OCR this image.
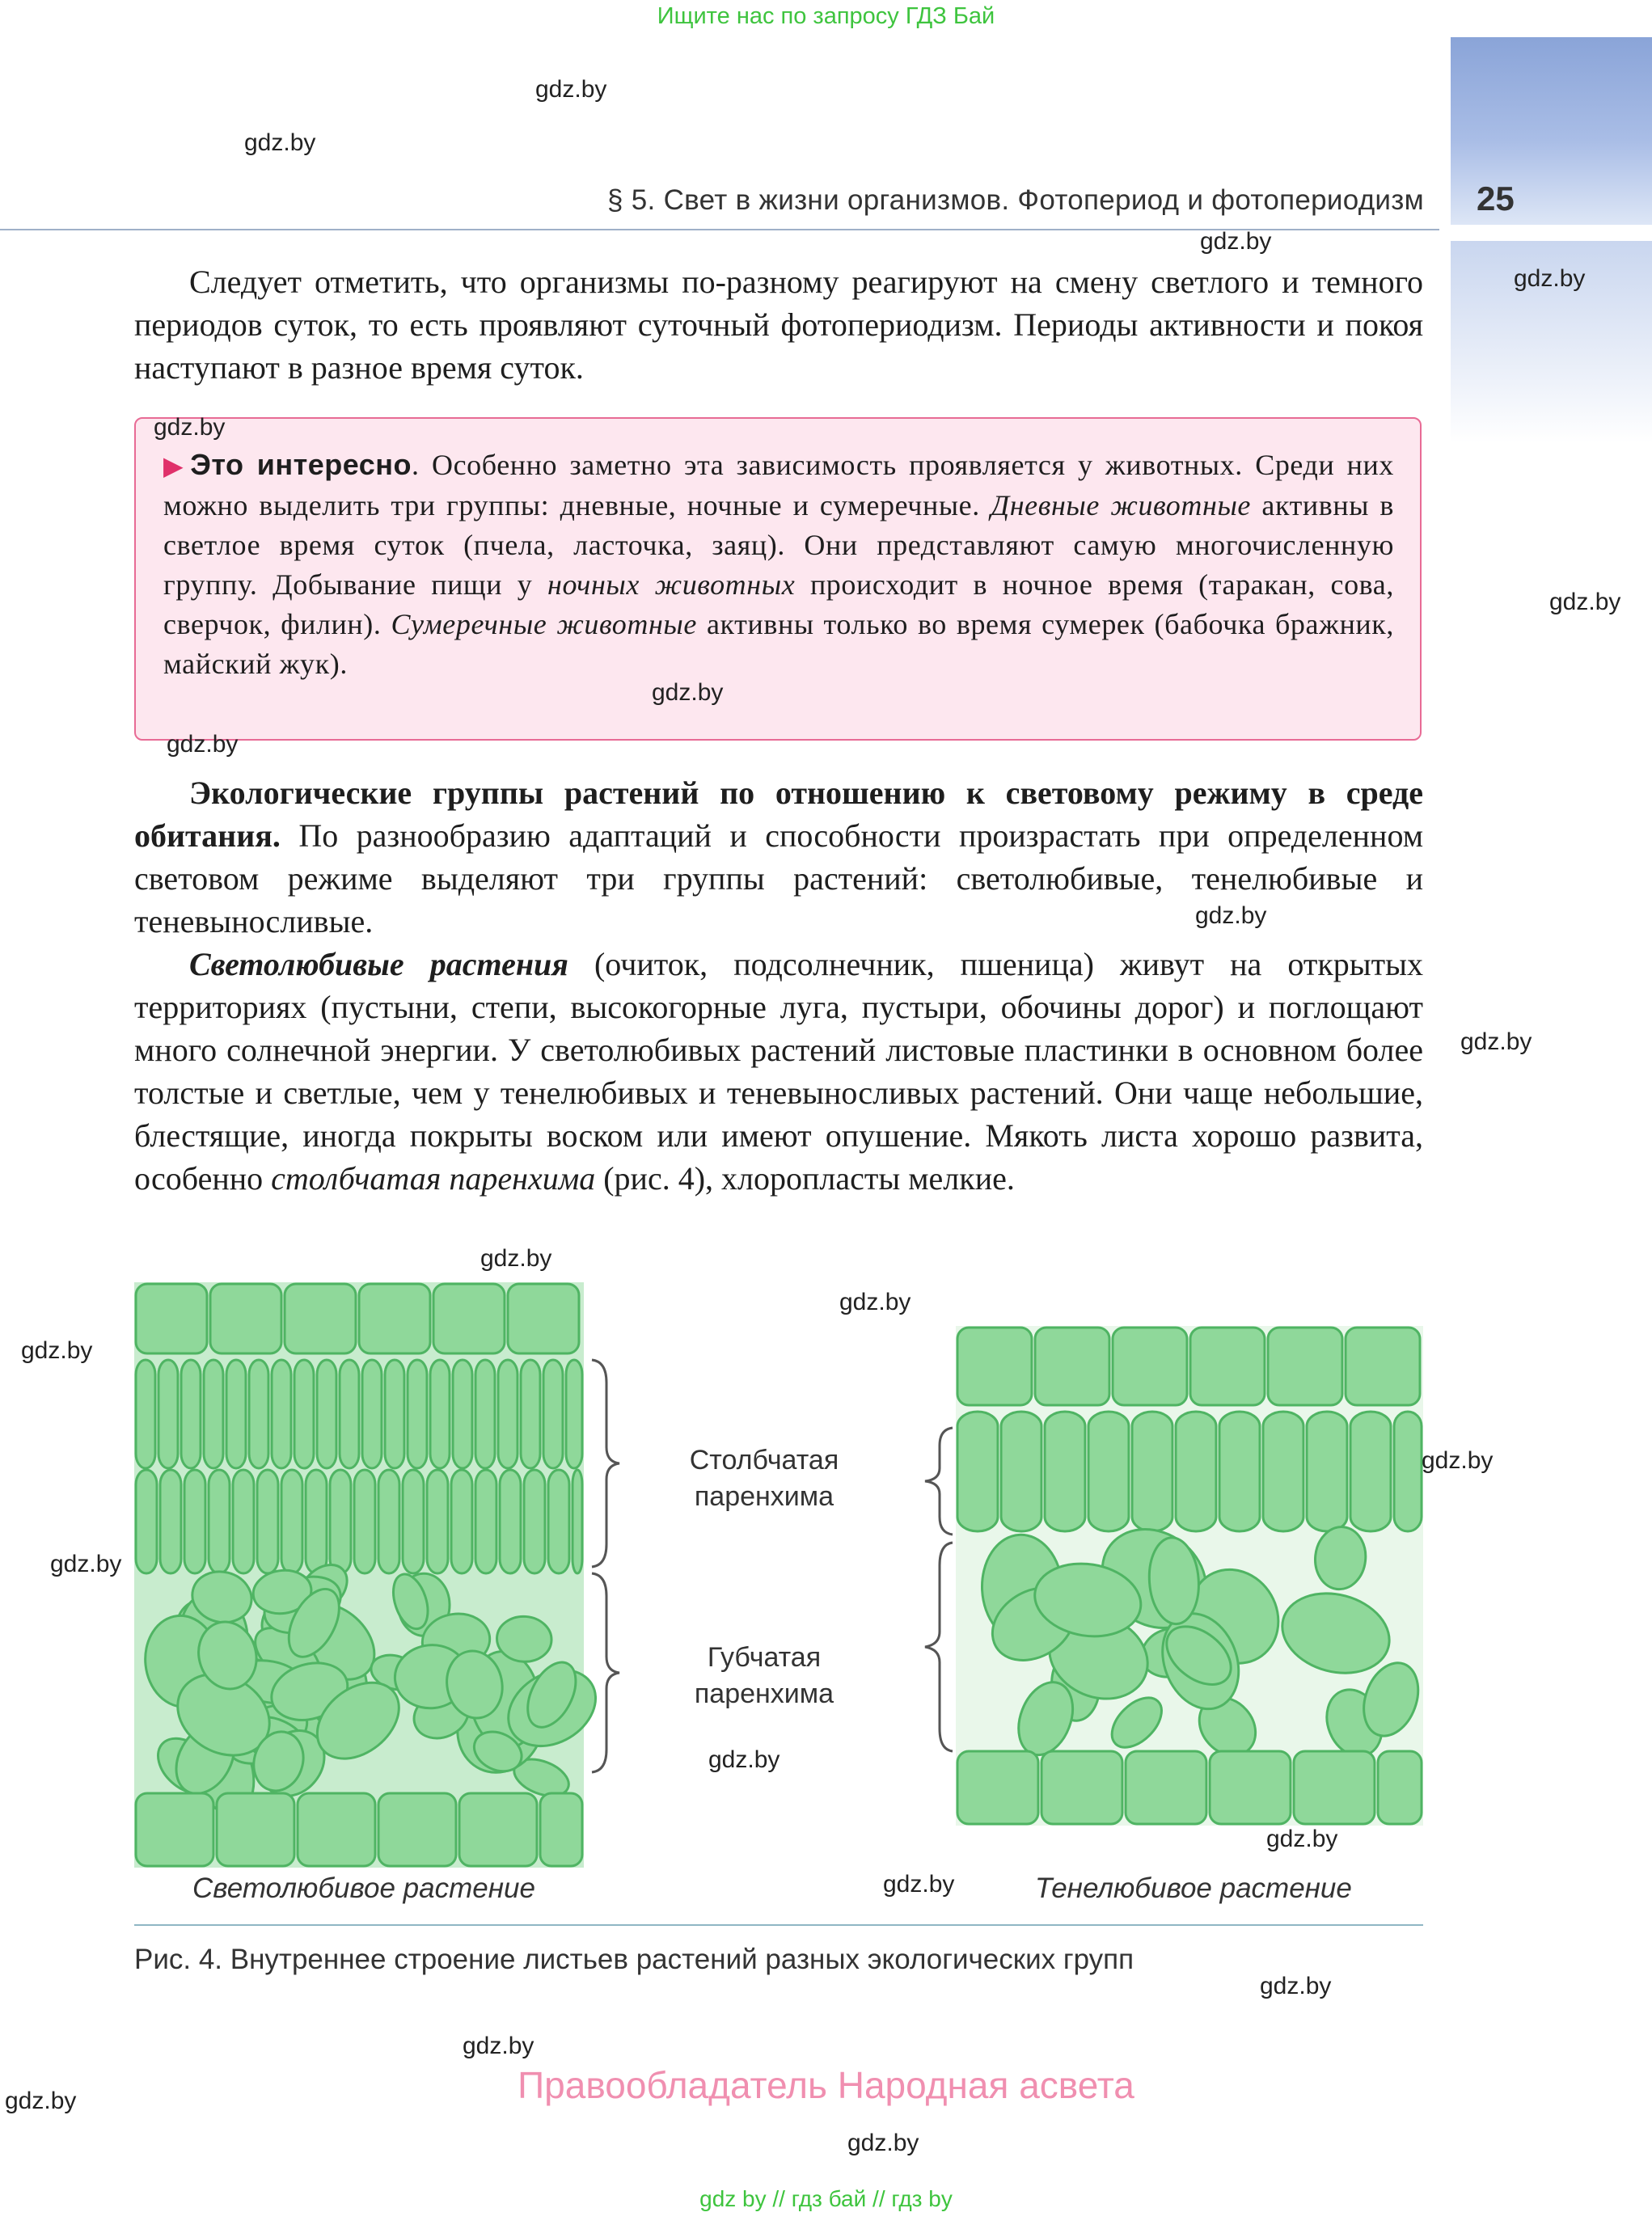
Ищите нас по запросу ГДЗ Бай
25
§ 5. Свет в жизни организмов. Фотопериод и фотопериодизм
Следует отметить, что организмы по-разному реагируют на смену светлого и темного периодов суток, то есть проявляют суточный фотопериодизм. Периоды активности и покоя наступают в разное время суток.
▶ Это интересно. Особенно заметно эта зависимость проявляется у животных. Среди них можно выделить три группы: дневные, ночные и сумеречные. Дневные животные активны в светлое время суток (пчела, ласточка, заяц). Они представляют самую многочисленную группу. Добывание пищи у ночных животных происходит в ночное время (таракан, сова, сверчок, филин). Сумеречные животные активны только во время сумерек (бабочка бражник, майский жук).
Экологические группы растений по отношению к световому режиму в среде обитания. По разнообразию адаптаций и способности произрастать при определенном световом режиме выделяют три группы растений: светолюбивые, тенелюбивые и теневыносливые.
Светолюбивые растения (очиток, подсолнечник, пшеница) живут на открытых территориях (пустыни, степи, высокогорные луга, пустыри, обочины дорог) и поглощают много солнечной энергии. У светолюбивых растений листовые пластинки в основном более толстые и светлые, чем у тенелюбивых и теневыносливых растений. Они чаще небольшие, блестящие, иногда покрыты воском или имеют опушение. Мякоть листа хорошо развита, особенно столбчатая паренхима (рис. 4), хлоропласты мелкие.
Столбчатая паренхима
Губчатая паренхима
Светолюбивое растение	Тенелюбивое растение
Рис. 4. Внутреннее строение листьев растений разных экологических групп
Правообладатель Народная асвета
gdz by // гдз бай // гдз by
gdz.by
gdz.by
gdz.by
gdz.by
gdz.by
gdz.by
gdz.by
gdz.by
gdz.by
gdz.by
gdz.by
gdz.by
gdz.by
gdz.by
gdz.by
gdz.by
gdz.by
gdz.by
gdz.by
gdz.by
gdz.by
gdz.by
